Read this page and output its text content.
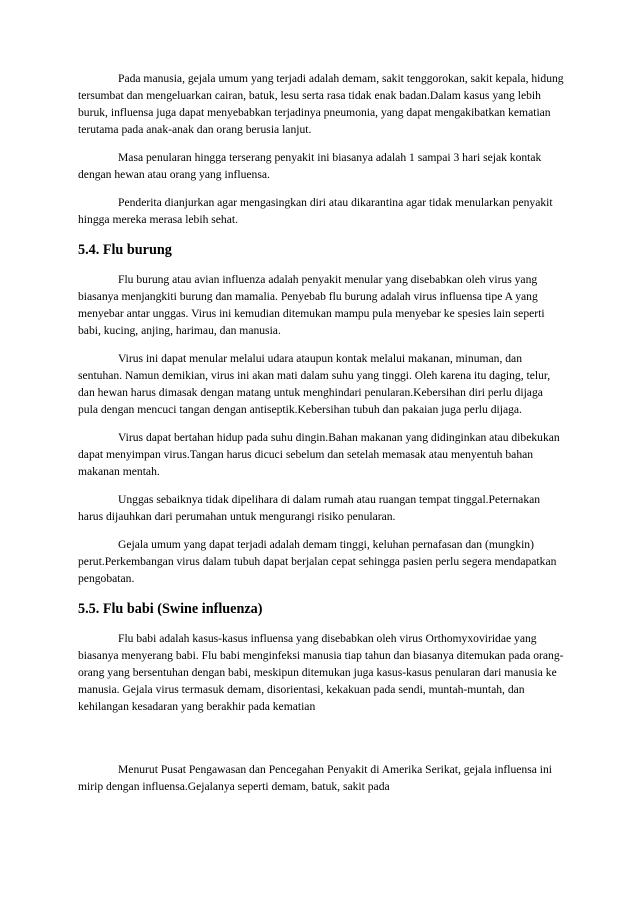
Pada manusia, gejala umum yang terjadi adalah demam, sakit tenggorokan, sakit kepala, hidung tersumbat dan mengeluarkan cairan, batuk, lesu serta rasa tidak enak badan.Dalam kasus yang lebih buruk, influensa juga dapat menyebabkan terjadinya pneumonia, yang dapat mengakibatkan kematian terutama pada anak-anak dan orang berusia lanjut.

Masa penularan hingga terserang penyakit ini biasanya adalah 1 sampai 3 hari sejak kontak dengan hewan atau orang yang influensa.

Penderita dianjurkan agar mengasingkan diri atau dikarantina agar tidak menularkan penyakit hingga mereka merasa lebih sehat.

5.4. Flu burung

Flu burung atau avian influenza adalah penyakit menular yang disebabkan oleh virus yang biasanya menjangkiti burung dan mamalia. Penyebab flu burung adalah virus influensa tipe A yang menyebar antar unggas. Virus ini kemudian ditemukan mampu pula menyebar ke spesies lain seperti babi, kucing, anjing, harimau, dan manusia.

Virus ini dapat menular melalui udara ataupun kontak melalui makanan, minuman, dan sentuhan. Namun demikian, virus ini akan mati dalam suhu yang tinggi. Oleh karena itu daging, telur, dan hewan harus dimasak dengan matang untuk menghindari penularan.Kebersihan diri perlu dijaga pula dengan mencuci tangan dengan antiseptik.Kebersihan tubuh dan pakaian juga perlu dijaga.

Virus dapat bertahan hidup pada suhu dingin.Bahan makanan yang didinginkan atau dibekukan dapat menyimpan virus.Tangan harus dicuci sebelum dan setelah memasak atau menyentuh bahan makanan mentah.

Unggas sebaiknya tidak dipelihara di dalam rumah atau ruangan tempat tinggal.Peternakan harus dijauhkan dari perumahan untuk mengurangi risiko penularan.

Gejala umum yang dapat terjadi adalah demam tinggi, keluhan pernafasan dan (mungkin) perut.Perkembangan virus dalam tubuh dapat berjalan cepat sehingga pasien perlu segera mendapatkan pengobatan.

5.5. Flu babi (Swine influenza)

Flu babi adalah kasus-kasus influensa yang disebabkan oleh virus Orthomyxoviridae yang biasanya menyerang babi. Flu babi menginfeksi manusia tiap tahun dan biasanya ditemukan pada orang-orang yang bersentuhan dengan babi, meskipun ditemukan juga kasus-kasus penularan dari manusia ke manusia. Gejala virus termasuk demam, disorientasi, kekakuan pada sendi, muntah-muntah, dan kehilangan kesadaran yang berakhir pada kematian

Menurut Pusat Pengawasan dan Pencegahan Penyakit di Amerika Serikat, gejala influensa ini mirip dengan influensa.Gejalanya seperti demam, batuk, sakit pada
